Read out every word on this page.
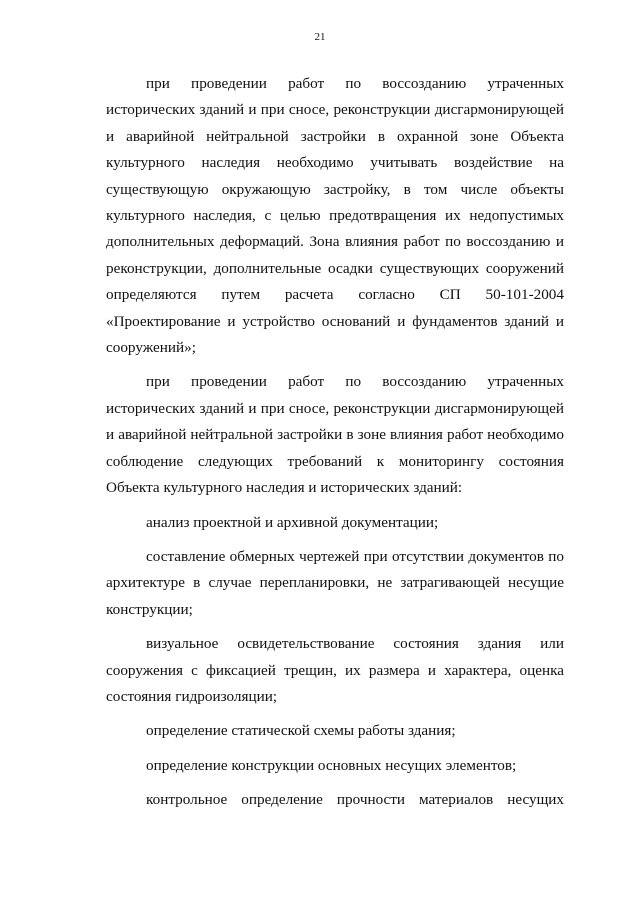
21

при проведении работ по воссозданию утраченных исторических зданий и при сносе, реконструкции дисгармонирующей и аварийной нейтральной застройки в охранной зоне Объекта культурного наследия необходимо учитывать воздействие на существующую окружающую застройку, в том числе объекты культурного наследия, с целью предотвращения их недопустимых дополнительных деформаций. Зона влияния работ по воссозданию и реконструкции, дополнительные осадки существующих сооружений определяются путем расчета согласно СП 50-101-2004 «Проектирование и устройство оснований и фундаментов зданий и сооружений»;

при проведении работ по воссозданию утраченных исторических зданий и при сносе, реконструкции дисгармонирующей и аварийной нейтральной застройки в зоне влияния работ необходимо соблюдение следующих требований к мониторингу состояния Объекта культурного наследия и исторических зданий:

анализ проектной и архивной документации;

составление обмерных чертежей при отсутствии документов по архитектуре в случае перепланировки, не затрагивающей несущие конструкции;

визуальное освидетельствование состояния здания или сооружения с фиксацией трещин, их размера и характера, оценка состояния гидроизоляции;

определение статической схемы работы здания;

определение конструкции основных несущих элементов;

контрольное определение прочности материалов несущих
